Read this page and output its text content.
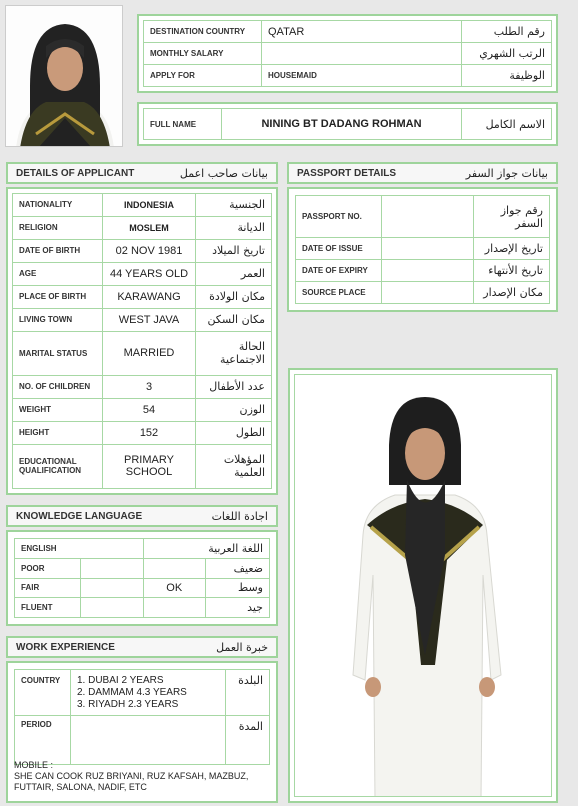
DESTINATION COUNTRY	QATAR	رقم الطلب
MONTHLY SALARY		الرتب الشهري
APPLY FOR	HOUSEMAID	الوظيفة
FULL NAME	NINING BT DADANG ROHMAN	الاسم الكامل
DETAILS OF APPLICANT	بيانات صاحب اعمل
NATIONALITY	INDONESIA	الجنسية
RELIGION	MOSLEM	الديانة
DATE OF BIRTH	02 NOV 1981	تاريخ الميلاد
AGE	44 YEARS OLD	العمر
PLACE OF BIRTH	KARAWANG	مكان الولادة
LIVING TOWN	WEST JAVA	مكان السكن
MARITAL STATUS	MARRIED	الحالة الاجتماعية
NO. OF CHILDREN	3	عدد الأطفال
WEIGHT	54	الوزن
HEIGHT	152	الطول
EDUCATIONAL QUALIFICATION	PRIMARY SCHOOL	المؤهلات العلمية
PASSPORT DETAILS	بيانات جواز السفر
PASSPORT NO.		رقم جواز السفر
DATE OF ISSUE		تاريخ الإصدار
DATE OF EXPIRY		تاريخ الأنتهاء
SOURCE PLACE		مكان الإصدار
KNOWLEDGE LANGUAGE	اجادة اللغات
ENGLISH		اللغة العربية	
POOR			ضعيف
FAIR		OK	وسط
FLUENT			جيد
WORK EXPERIENCE	خبرة العمل
COUNTRY	1. DUBAI 2 YEARS
2. DAMMAM 4.3 YEARS
3. RIYADH 2.3 YEARS	البلدة
PERIOD		المدة
MOBILE :
SHE CAN COOK RUZ BRIYANI, RUZ KAFSAH, MAZBUZ, FUTTAIR, SALONA, NADIF, ETC
